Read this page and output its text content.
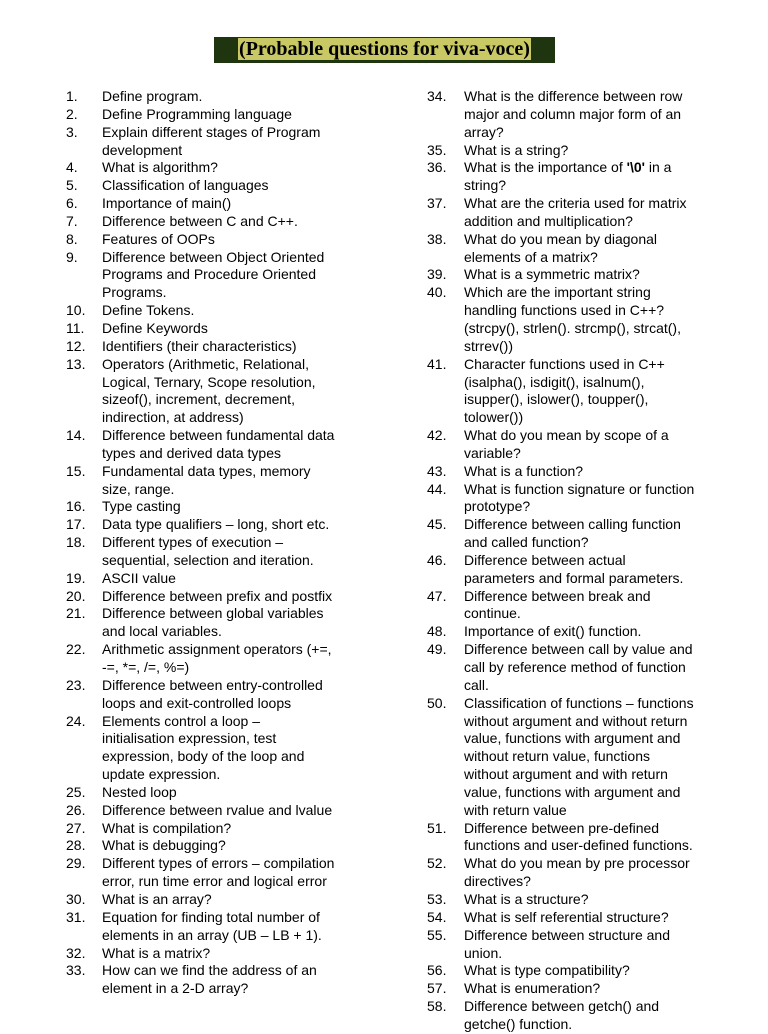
(Probable questions for viva-voce)
1. Define program.
2. Define Programming language
3. Explain different stages of Program
development
4. What is algorithm?
5. Classification of languages
6. Importance of main()
7. Difference between C and C++.
8. Features of OOPs
9. Difference between Object Oriented
Programs and Procedure Oriented
Programs.
10. Define Tokens.
11. Define Keywords
12. Identifiers (their characteristics)
13. Operators (Arithmetic, Relational,
Logical, Ternary, Scope resolution,
sizeof(), increment, decrement,
indirection, at address)
14. Difference between fundamental data
types and derived data types
15. Fundamental data types, memory
size, range.
16. Type casting
17. Data type qualifiers – long, short etc.
18. Different types of execution –
sequential, selection and iteration.
19. ASCII value
20. Difference between prefix and postfix
21. Difference between global variables
and local variables.
22. Arithmetic assignment operators (+=,
-=, *=, /=, %=)
23. Difference between entry-controlled
loops and exit-controlled loops
24. Elements control a loop –
initialisation expression, test
expression, body of the loop and
update expression.
25. Nested loop
26. Difference between rvalue and lvalue
27. What is compilation?
28. What is debugging?
29. Different types of errors – compilation
error, run time error and logical error
30. What is an array?
31. Equation for finding total number of
elements in an array (UB – LB + 1).
32. What is a matrix?
33. How can we find the address of an
element in a 2-D array?
34. What is the difference between row
major and column major form of an
array?
35. What is a string?
36. What is the importance of '\0' in a
string?
37. What are the criteria used for matrix
addition and multiplication?
38. What do you mean by diagonal
elements of a matrix?
39. What is a symmetric matrix?
40. Which are the important string
handling functions used in C++?
(strcpy(), strlen(). strcmp(), strcat(),
strrev())
41. Character functions used in C++
(isalpha(), isdigit(), isalnum(),
isupper(), islower(), toupper(),
tolower())
42. What do you mean by scope of a
variable?
43. What is a function?
44. What is function signature or function
prototype?
45. Difference between calling function
and called function?
46. Difference between actual
parameters and formal parameters.
47. Difference between break and
continue.
48. Importance of exit() function.
49. Difference between call by value and
call by reference method of function
call.
50. Classification of functions – functions
without argument and without return
value, functions with argument and
without return value, functions
without argument and with return
value, functions with argument and
with return value
51. Difference between pre-defined
functions and user-defined functions.
52. What do you mean by pre processor
directives?
53. What is a structure?
54. What is self referential structure?
55. Difference between structure and
union.
56. What is type compatibility?
57. What is enumeration?
58. Difference between getch() and
getche() function.
